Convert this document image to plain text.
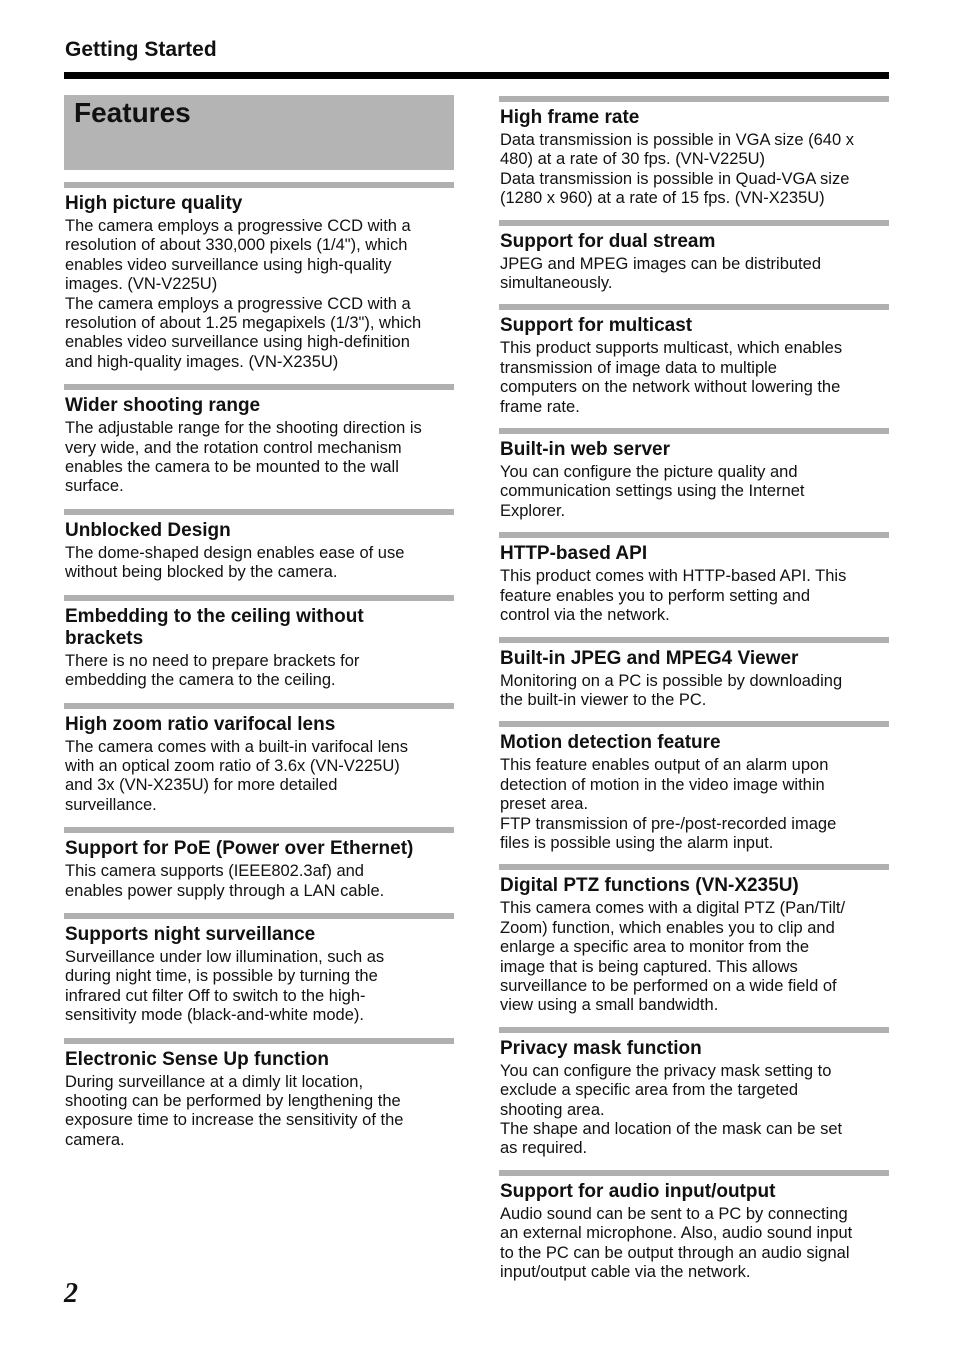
Getting Started
Features
High picture quality

The camera employs a progressive CCD with a
resolution of about 330,000 pixels (1/4"), which
enables video surveillance using high-quality
images. (VN-V225U)
The camera employs a progressive CCD with a
resolution of about 1.25 megapixels (1/3"), which
enables video surveillance using high-definition
and high-quality images. (VN-X235U)

Wider shooting range

The adjustable range for the shooting direction is
very wide, and the rotation control mechanism
enables the camera to be mounted to the wall
surface.

Unblocked Design

The dome-shaped design enables ease of use
without being blocked by the camera.

Embedding to the ceiling without
brackets

There is no need to prepare brackets for
embedding the camera to the ceiling.

High zoom ratio varifocal lens

The camera comes with a built-in varifocal lens
with an optical zoom ratio of 3.6x (VN-V225U)
and 3x (VN-X235U) for more detailed
surveillance.

Support for PoE (Power over Ethernet)

This camera supports (IEEE802.3af) and
enables power supply through a LAN cable.

Supports night surveillance

Surveillance under low illumination, such as
during night time, is possible by turning the
infrared cut filter Off to switch to the high-
sensitivity mode (black-and-white mode).

Electronic Sense Up function

During surveillance at a dimly lit location,
shooting can be performed by lengthening the
exposure time to increase the sensitivity of the
camera.

High frame rate

Data transmission is possible in VGA size (640 x
480) at a rate of 30 fps. (VN-V225U)
Data transmission is possible in Quad-VGA size
(1280 x 960) at a rate of 15 fps. (VN-X235U)

Support for dual stream

JPEG and MPEG images can be distributed
simultaneously.

Support for multicast

This product supports multicast, which enables
transmission of image data to multiple
computers on the network without lowering the
frame rate.

Built-in web server

You can configure the picture quality and
communication settings using the Internet
Explorer.

HTTP-based API

This product comes with HTTP-based API. This
feature enables you to perform setting and
control via the network.

Built-in JPEG and MPEG4 Viewer

Monitoring on a PC is possible by downloading
the built-in viewer to the PC.

Motion detection feature

This feature enables output of an alarm upon
detection of motion in the video image within
preset area.
FTP transmission of pre-/post-recorded image
files is possible using the alarm input.

Digital PTZ functions (VN-X235U)

This camera comes with a digital PTZ (Pan/Tilt/
Zoom) function, which enables you to clip and
enlarge a specific area to monitor from the
image that is being captured. This allows
surveillance to be performed on a wide field of
view using a small bandwidth.

Privacy mask function

You can configure the privacy mask setting to
exclude a specific area from the targeted
shooting area.
The shape and location of the mask can be set
as required.

Support for audio input/output

Audio sound can be sent to a PC by connecting
an external microphone. Also, audio sound input
to the PC can be output through an audio signal
input/output cable via the network.

2
